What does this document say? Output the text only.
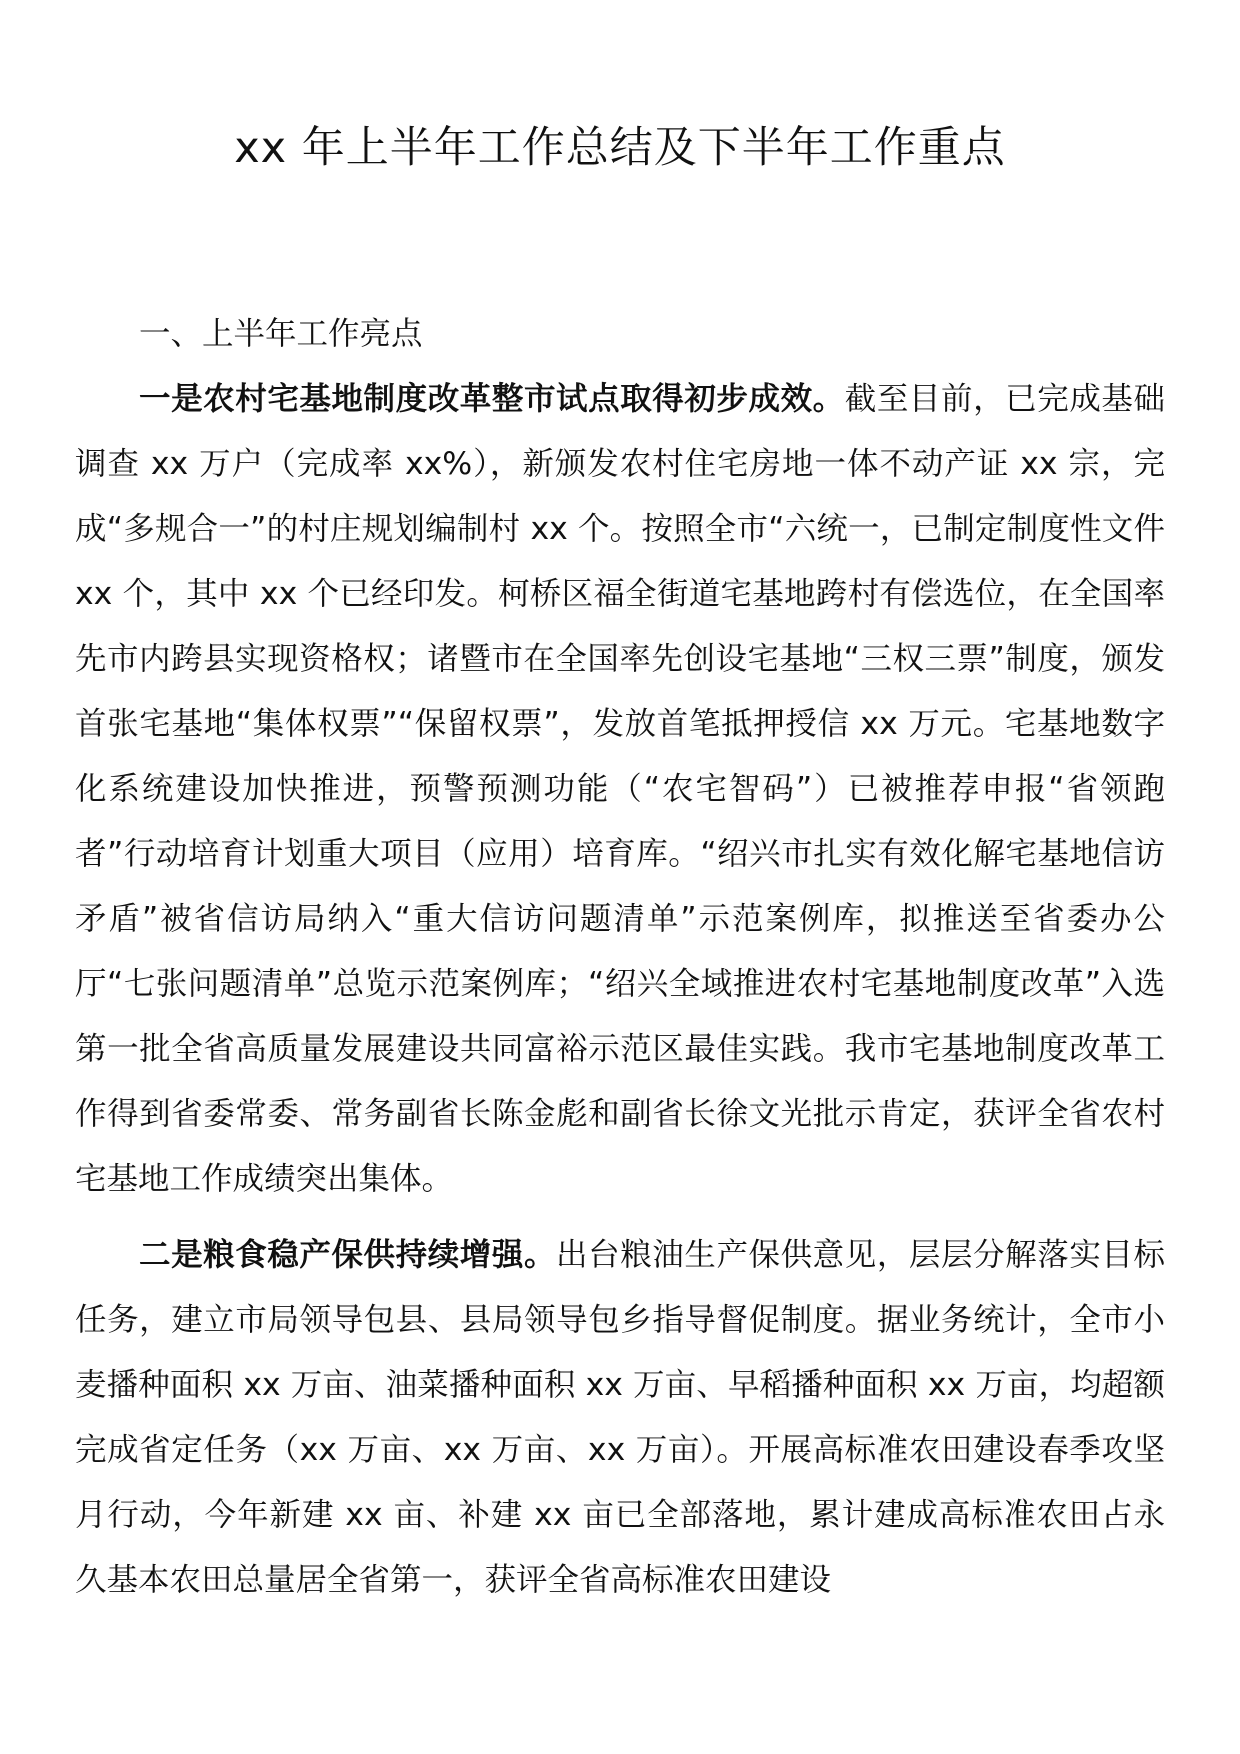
xx 年上半年工作总结及下半年工作重点

一、上半年工作亮点

一是农村宅基地制度改革整市试点取得初步成效。截至目前，已完成基础调查 xx 万户（完成率 xx%），新颁发农村住宅房地一体不动产证 xx 宗，完成“多规合一”的村庄规划编制村 xx 个。按照全市“六统一，已制定制度性文件 xx 个，其中 xx 个已经印发。柯桥区福全街道宅基地跨村有偿选位，在全国率先市内跨县实现资格权；诸暨市在全国率先创设宅基地“三权三票”制度，颁发首张宅基地“集体权票”“保留权票”，发放首笔抵押授信 xx 万元。宅基地数字化系统建设加快推进，预警预测功能（“农宅智码”）已被推荐申报“省领跑者”行动培育计划重大项目（应用）培育库。“绍兴市扎实有效化解宅基地信访矛盾”被省信访局纳入“重大信访问题清单”示范案例库，拟推送至省委办公厅“七张问题清单”总览示范案例库；“绍兴全域推进农村宅基地制度改革”入选第一批全省高质量发展建设共同富裕示范区最佳实践。我市宅基地制度改革工作得到省委常委、常务副省长陈金彪和副省长徐文光批示肯定，获评全省农村宅基地工作成绩突出集体。

二是粮食稳产保供持续增强。出台粮油生产保供意见，层层分解落实目标任务，建立市局领导包县、县局领导包乡指导督促制度。据业务统计，全市小麦播种面积 xx 万亩、油菜播种面积 xx 万亩、早稻播种面积 xx 万亩，均超额完成省定任务（xx 万亩、xx 万亩、xx 万亩）。开展高标准农田建设春季攻坚月行动，今年新建 xx 亩、补建 xx 亩已全部落地，累计建成高标准农田占永久基本农田总量居全省第一，获评全省高标准农田建设
